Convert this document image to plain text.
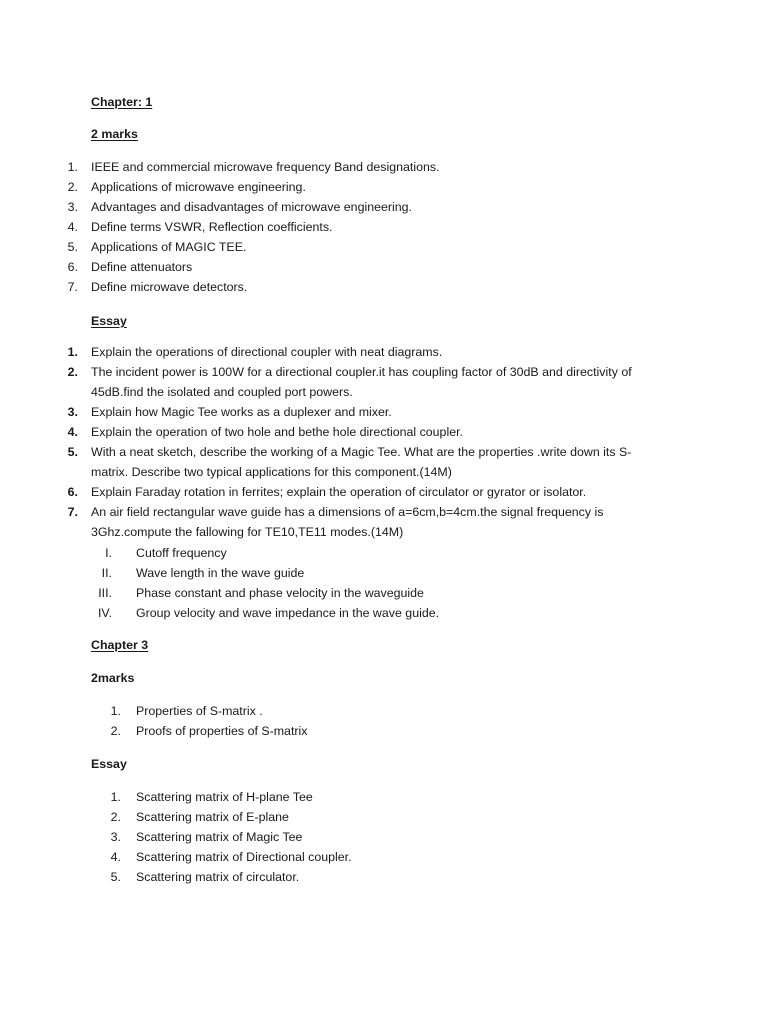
Chapter: 1
2 marks
1. IEEE and commercial microwave frequency Band designations.
2. Applications of microwave engineering.
3. Advantages and disadvantages of microwave engineering.
4. Define terms VSWR, Reflection coefficients.
5. Applications of MAGIC TEE.
6. Define attenuators
7. Define microwave detectors.
Essay
1. Explain the operations of directional coupler with neat diagrams.
2. The incident power is 100W for a directional coupler.it has coupling factor of 30dB and directivity of 45dB.find the isolated and coupled port powers.
3. Explain how Magic Tee works as a duplexer and mixer.
4. Explain the operation of two hole and bethe hole directional coupler.
5. With a neat sketch, describe the working of a Magic Tee. What are the properties .write down its S-matrix. Describe two typical applications for this component.(14M)
6. Explain Faraday rotation in ferrites; explain the operation of circulator or gyrator or isolator.
7. An air field rectangular wave guide has a dimensions of a=6cm,b=4cm.the signal frequency is 3Ghz.compute the fallowing for TE10,TE11 modes.(14M)
I. Cutoff frequency
II. Wave length in the wave guide
III. Phase constant and phase velocity in the waveguide
IV. Group velocity and wave impedance in the wave guide.
Chapter 3
2marks
1. Properties of S-matrix .
2. Proofs of properties of S-matrix
Essay
1. Scattering matrix of H-plane Tee
2. Scattering matrix of E-plane
3. Scattering matrix of Magic Tee
4. Scattering matrix of Directional coupler.
5. Scattering matrix of circulator.
